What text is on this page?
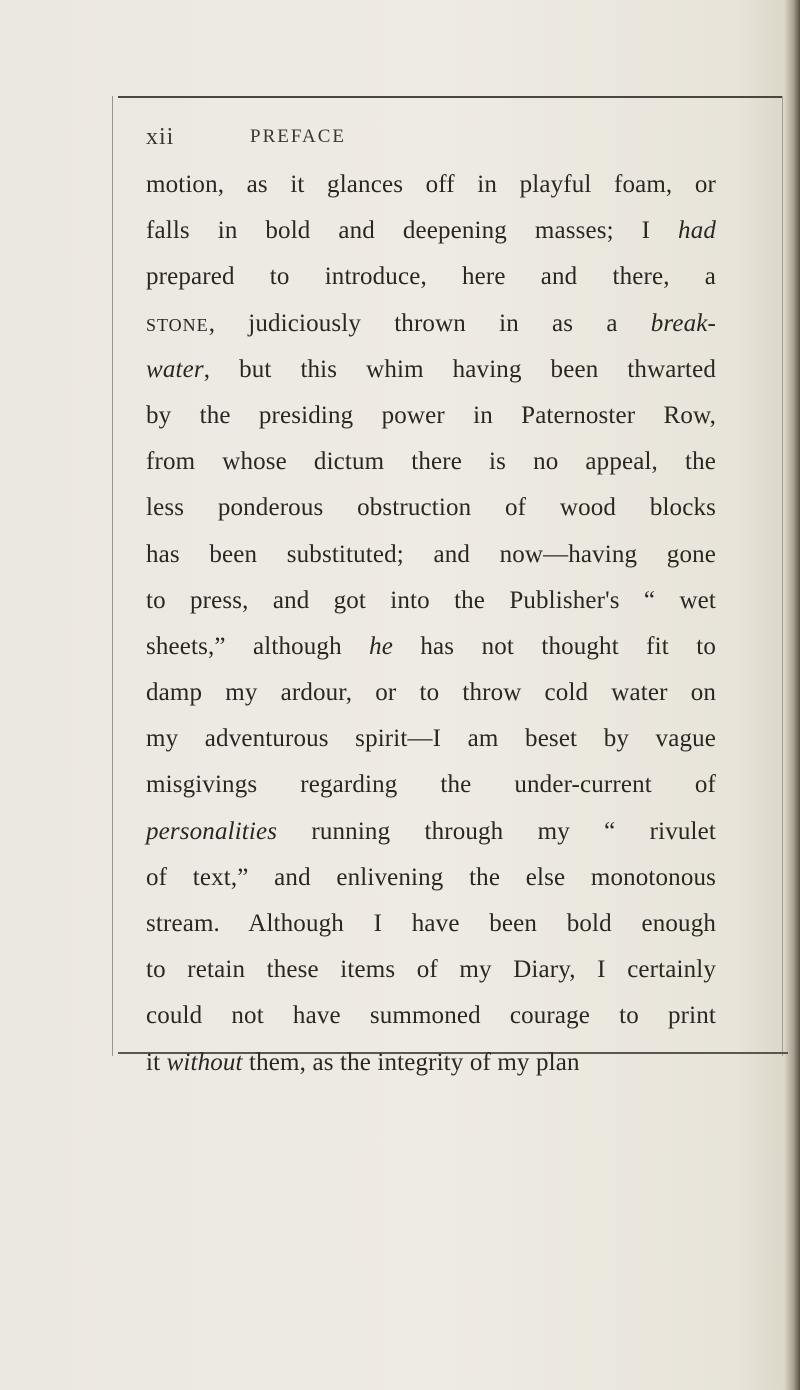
xii	PREFACE
motion, as it glances off in playful foam, or
falls in bold and deepening masses; I had
prepared to introduce, here and there, a
stone, judiciously thrown in as a break-
water, but this whim having been thwarted
by the presiding power in Paternoster Row,
from whose dictum there is no appeal, the
less ponderous obstruction of wood blocks
has been substituted; and now—having gone
to press, and got into the Publisher's “ wet
sheets,” although he has not thought fit to
damp my ardour, or to throw cold water on
my adventurous spirit—I am beset by vague
misgivings regarding the under-current of
personalities running through my “ rivulet
of text,” and enlivening the else monotonous
stream. Although I have been bold enough
to retain these items of my Diary, I certainly
could not have summoned courage to print
it without them, as the integrity of my plan
